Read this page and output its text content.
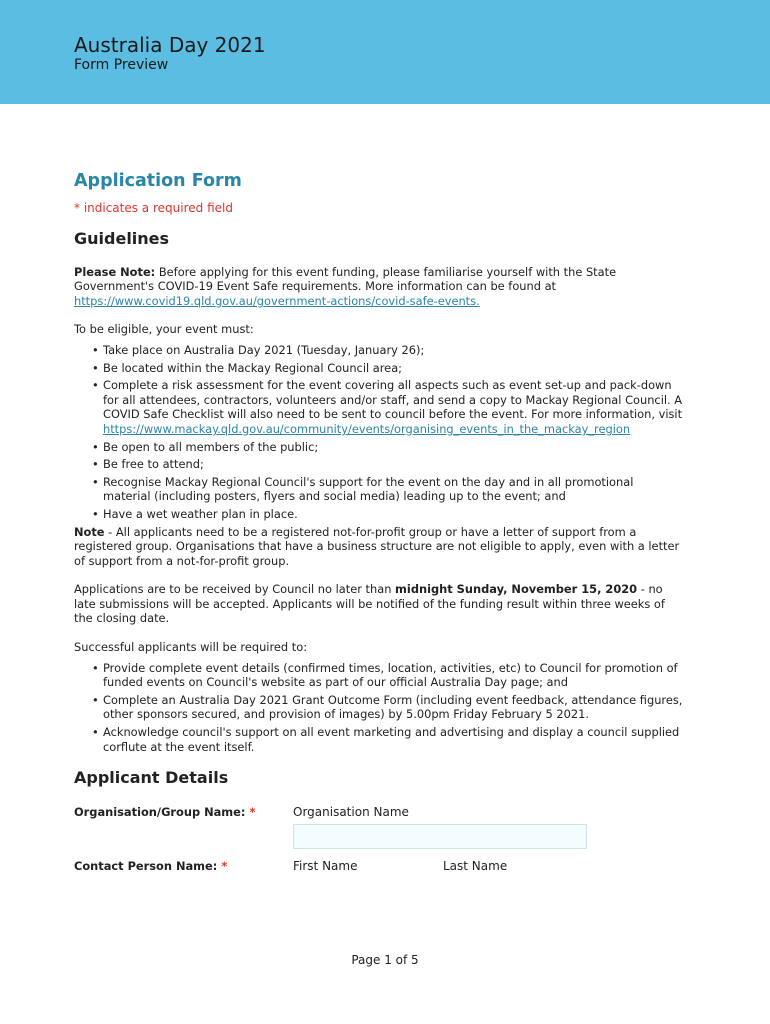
Australia Day 2021
Form Preview
Application Form
* indicates a required field
Guidelines

Please Note: Before applying for this event funding, please familiarise yourself with the State Government's COVID-19 Event Safe requirements. More information can be found at https://www.covid19.qld.gov.au/government-actions/covid-safe-events.

To be eligible, your event must:

• Take place on Australia Day 2021 (Tuesday, January 26);
• Be located within the Mackay Regional Council area;
• Complete a risk assessment for the event covering all aspects such as event set-up and pack-down for all attendees, contractors, volunteers and/or staff, and send a copy to Mackay Regional Council. A COVID Safe Checklist will also need to be sent to council before the event. For more information, visit https://www.mackay.qld.gov.au/community/events/organising_events_in_the_mackay_region
• Be open to all members of the public;
• Be free to attend;
• Recognise Mackay Regional Council's support for the event on the day and in all promotional material (including posters, flyers and social media) leading up to the event; and
• Have a wet weather plan in place.

Note - All applicants need to be a registered not-for-profit group or have a letter of support from a registered group. Organisations that have a business structure are not eligible to apply, even with a letter of support from a not-for-profit group.

Applications are to be received by Council no later than midnight Sunday, November 15, 2020 - no late submissions will be accepted. Applicants will be notified of the funding result within three weeks of the closing date.

Successful applicants will be required to:

• Provide complete event details (confirmed times, location, activities, etc) to Council for promotion of funded events on Council's website as part of our official Australia Day page; and
• Complete an Australia Day 2021 Grant Outcome Form (including event feedback, attendance figures, other sponsors secured, and provision of images) by 5.00pm Friday February 5 2021.
• Acknowledge council's support on all event marketing and advertising and display a council supplied corflute at the event itself.
Applicant Details
Organisation/Group Name: *	Organisation Name
Contact Person Name: *	First Name	Last Name
Page 1 of 5
